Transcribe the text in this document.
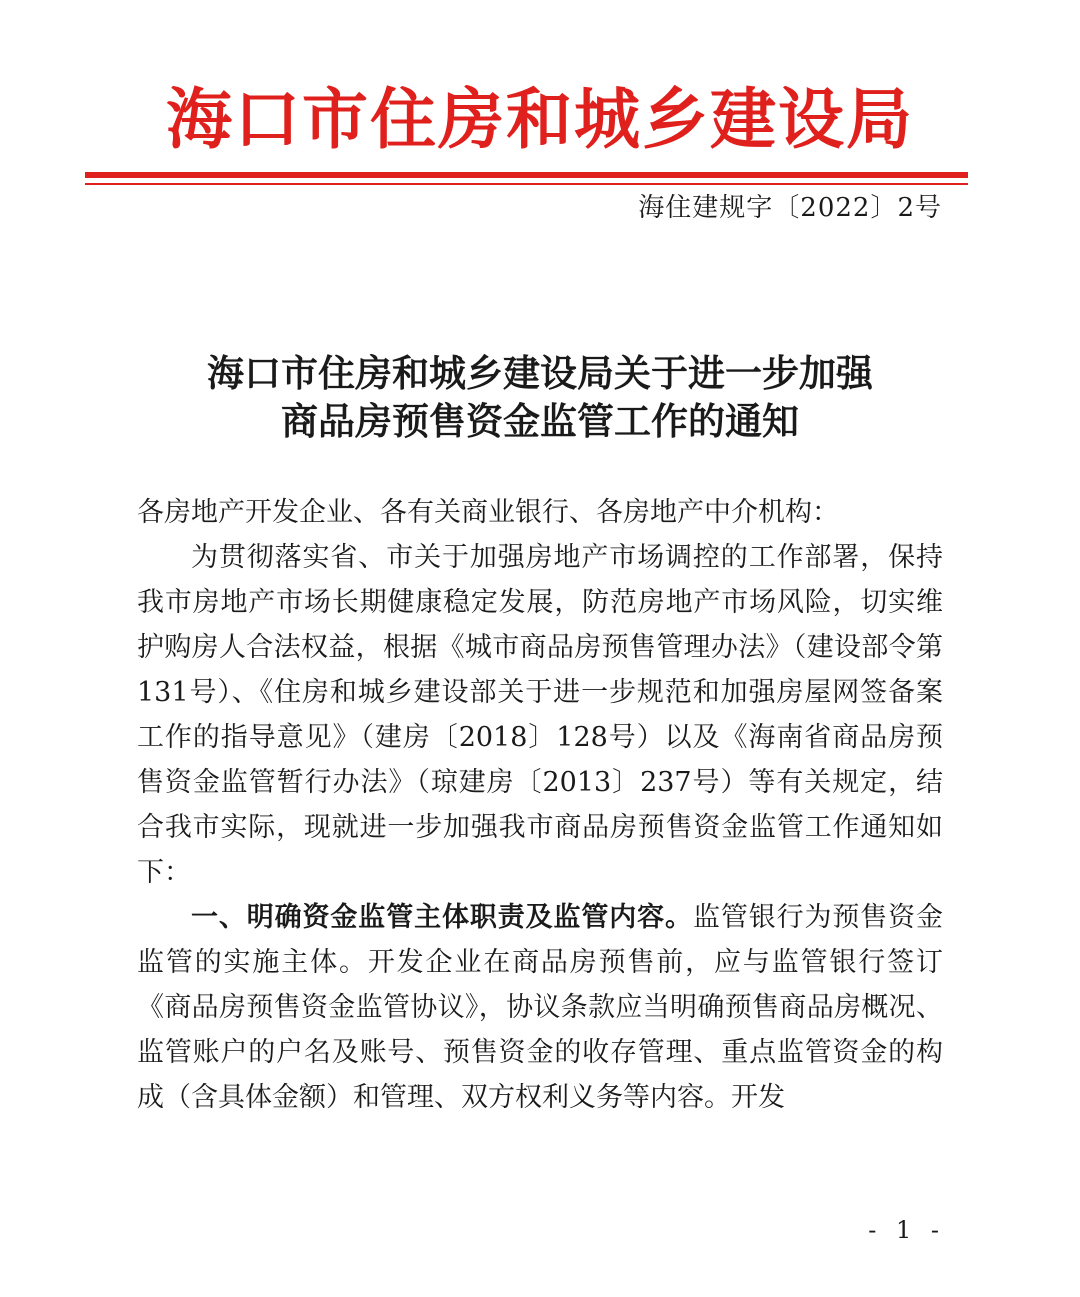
海口市住房和城乡建设局
海住建规字〔2022〕2号
海口市住房和城乡建设局关于进一步加强
商品房预售资金监管工作的通知

各房地产开发企业、各有关商业银行、各房地产中介机构：

为贯彻落实省、市关于加强房地产市场调控的工作部署，保持我市房地产市场长期健康稳定发展，防范房地产市场风险，切实维护购房人合法权益，根据《城市商品房预售管理办法》（建设部令第131号）、《住房和城乡建设部关于进一步规范和加强房屋网签备案工作的指导意见》（建房〔2018〕128号）以及《海南省商品房预售资金监管暂行办法》（琼建房〔2013〕237号）等有关规定，结合我市实际，现就进一步加强我市商品房预售资金监管工作通知如下：

一、明确资金监管主体职责及监管内容。监管银行为预售资金监管的实施主体。开发企业在商品房预售前，应与监管银行签订《商品房预售资金监管协议》，协议条款应当明确预售商品房概况、监管账户的户名及账号、预售资金的收存管理、重点监管资金的构成（含具体金额）和管理、双方权利义务等内容。开发

- 1 -
